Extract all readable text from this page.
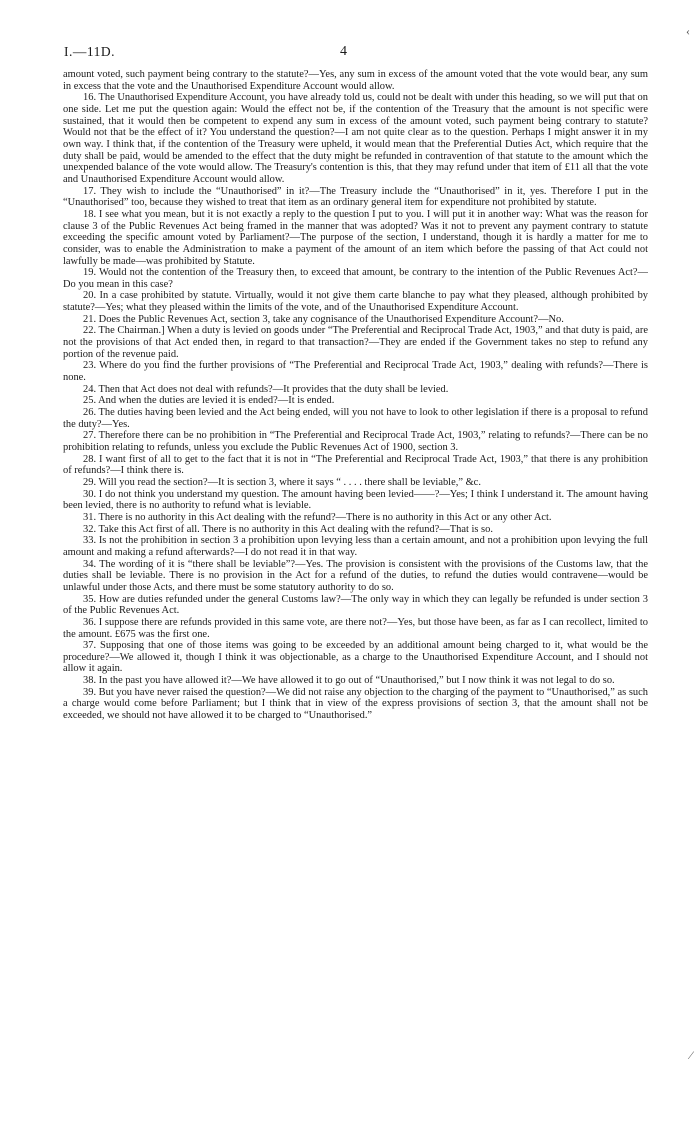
I.—11D.	4

amount voted, such payment being contrary to the statute?—Yes, any sum in excess of the amount voted that the vote would bear, any sum in excess that the vote and the Unauthorised Expenditure Account would allow.

16. The Unauthorised Expenditure Account, you have already told us, could not be dealt with under this heading, so we will put that on one side. Let me put the question again: Would the effect not be, if the contention of the Treasury that the amount is not specific were sustained, that it would then be competent to expend any sum in excess of the amount voted, such payment being contrary to statute? Would not that be the effect of it? You understand the question?—I am not quite clear as to the question. Perhaps I might answer it in my own way. I think that, if the contention of the Treasury were upheld, it would mean that the Preferential Duties Act, which require that the duty shall be paid, would be amended to the effect that the duty might be refunded in contravention of that statute to the amount which the unexpended balance of the vote would allow. The Treasury's contention is this, that they may refund under that item of £11 all that the vote and Unauthorised Expenditure Account would allow.

17. They wish to include the “Unauthorised” in it?—The Treasury include the “Unauthorised” in it, yes. Therefore I put in the “Unauthorised” too, because they wished to treat that item as an ordinary general item for expenditure not prohibited by statute.

18. I see what you mean, but it is not exactly a reply to the question I put to you. I will put it in another way: What was the reason for clause 3 of the Public Revenues Act being framed in the manner that was adopted? Was it not to prevent any payment contrary to statute exceeding the specific amount voted by Parliament?—The purpose of the section, I understand, though it is hardly a matter for me to consider, was to enable the Administration to make a payment of the amount of an item which before the passing of that Act could not lawfully be made—was prohibited by Statute.

19. Would not the contention of the Treasury then, to exceed that amount, be contrary to the intention of the Public Revenues Act?—Do you mean in this case?

20. In a case prohibited by statute. Virtually, would it not give them carte blanche to pay what they pleased, although prohibited by statute?—Yes; what they pleased within the limits of the vote, and of the Unauthorised Expenditure Account.

21. Does the Public Revenues Act, section 3, take any cognisance of the Unauthorised Expenditure Account?—No.

22. The Chairman.] When a duty is levied on goods under “The Preferential and Reciprocal Trade Act, 1903,” and that duty is paid, are not the provisions of that Act ended then, in regard to that transaction?—They are ended if the Government takes no step to refund any portion of the revenue paid.

23. Where do you find the further provisions of “The Preferential and Reciprocal Trade Act, 1903,” dealing with refunds?—There is none.

24. Then that Act does not deal with refunds?—It provides that the duty shall be levied.

25. And when the duties are levied it is ended?—It is ended.

26. The duties having been levied and the Act being ended, will you not have to look to other legislation if there is a proposal to refund the duty?—Yes.

27. Therefore there can be no prohibition in “The Preferential and Reciprocal Trade Act, 1903,” relating to refunds?—There can be no prohibition relating to refunds, unless you exclude the Public Revenues Act of 1900, section 3.

28. I want first of all to get to the fact that it is not in “The Preferential and Reciprocal Trade Act, 1903,” that there is any prohibition of refunds?—I think there is.

29. Will you read the section?—It is section 3, where it says “ . . . . there shall be leviable,” &c.

30. I do not think you understand my question. The amount having been levied——?—Yes; I think I understand it. The amount having been levied, there is no authority to refund what is leviable.

31. There is no authority in this Act dealing with the refund?—There is no authority in this Act or any other Act.

32. Take this Act first of all. There is no authority in this Act dealing with the refund?—That is so.

33. Is not the prohibition in section 3 a prohibition upon levying less than a certain amount, and not a prohibition upon levying the full amount and making a refund afterwards?—I do not read it in that way.

34. The wording of it is “there shall be leviable”?—Yes. The provision is consistent with the provisions of the Customs law, that the duties shall be leviable. There is no provision in the Act for a refund of the duties, to refund the duties would contravene—would be unlawful under those Acts, and there must be some statutory authority to do so.

35. How are duties refunded under the general Customs law?—The only way in which they can legally be refunded is under section 3 of the Public Revenues Act.

36. I suppose there are refunds provided in this same vote, are there not?—Yes, but those have been, as far as I can recollect, limited to the amount. £675 was the first one.

37. Supposing that one of those items was going to be exceeded by an additional amount being charged to it, what would be the procedure?—We allowed it, though I think it was objectionable, as a charge to the Unauthorised Expenditure Account, and I should not allow it again.

38. In the past you have allowed it?—We have allowed it to go out of “Unauthorised,” but I now think it was not legal to do so.

39. But you have never raised the question?—We did not raise any objection to the charging of the payment to “Unauthorised,” as such a charge would come before Parliament; but I think that in view of the express provisions of section 3, that the amount shall not be exceeded, we should not have allowed it to be charged to “Unauthorised.”

‹
⁄
